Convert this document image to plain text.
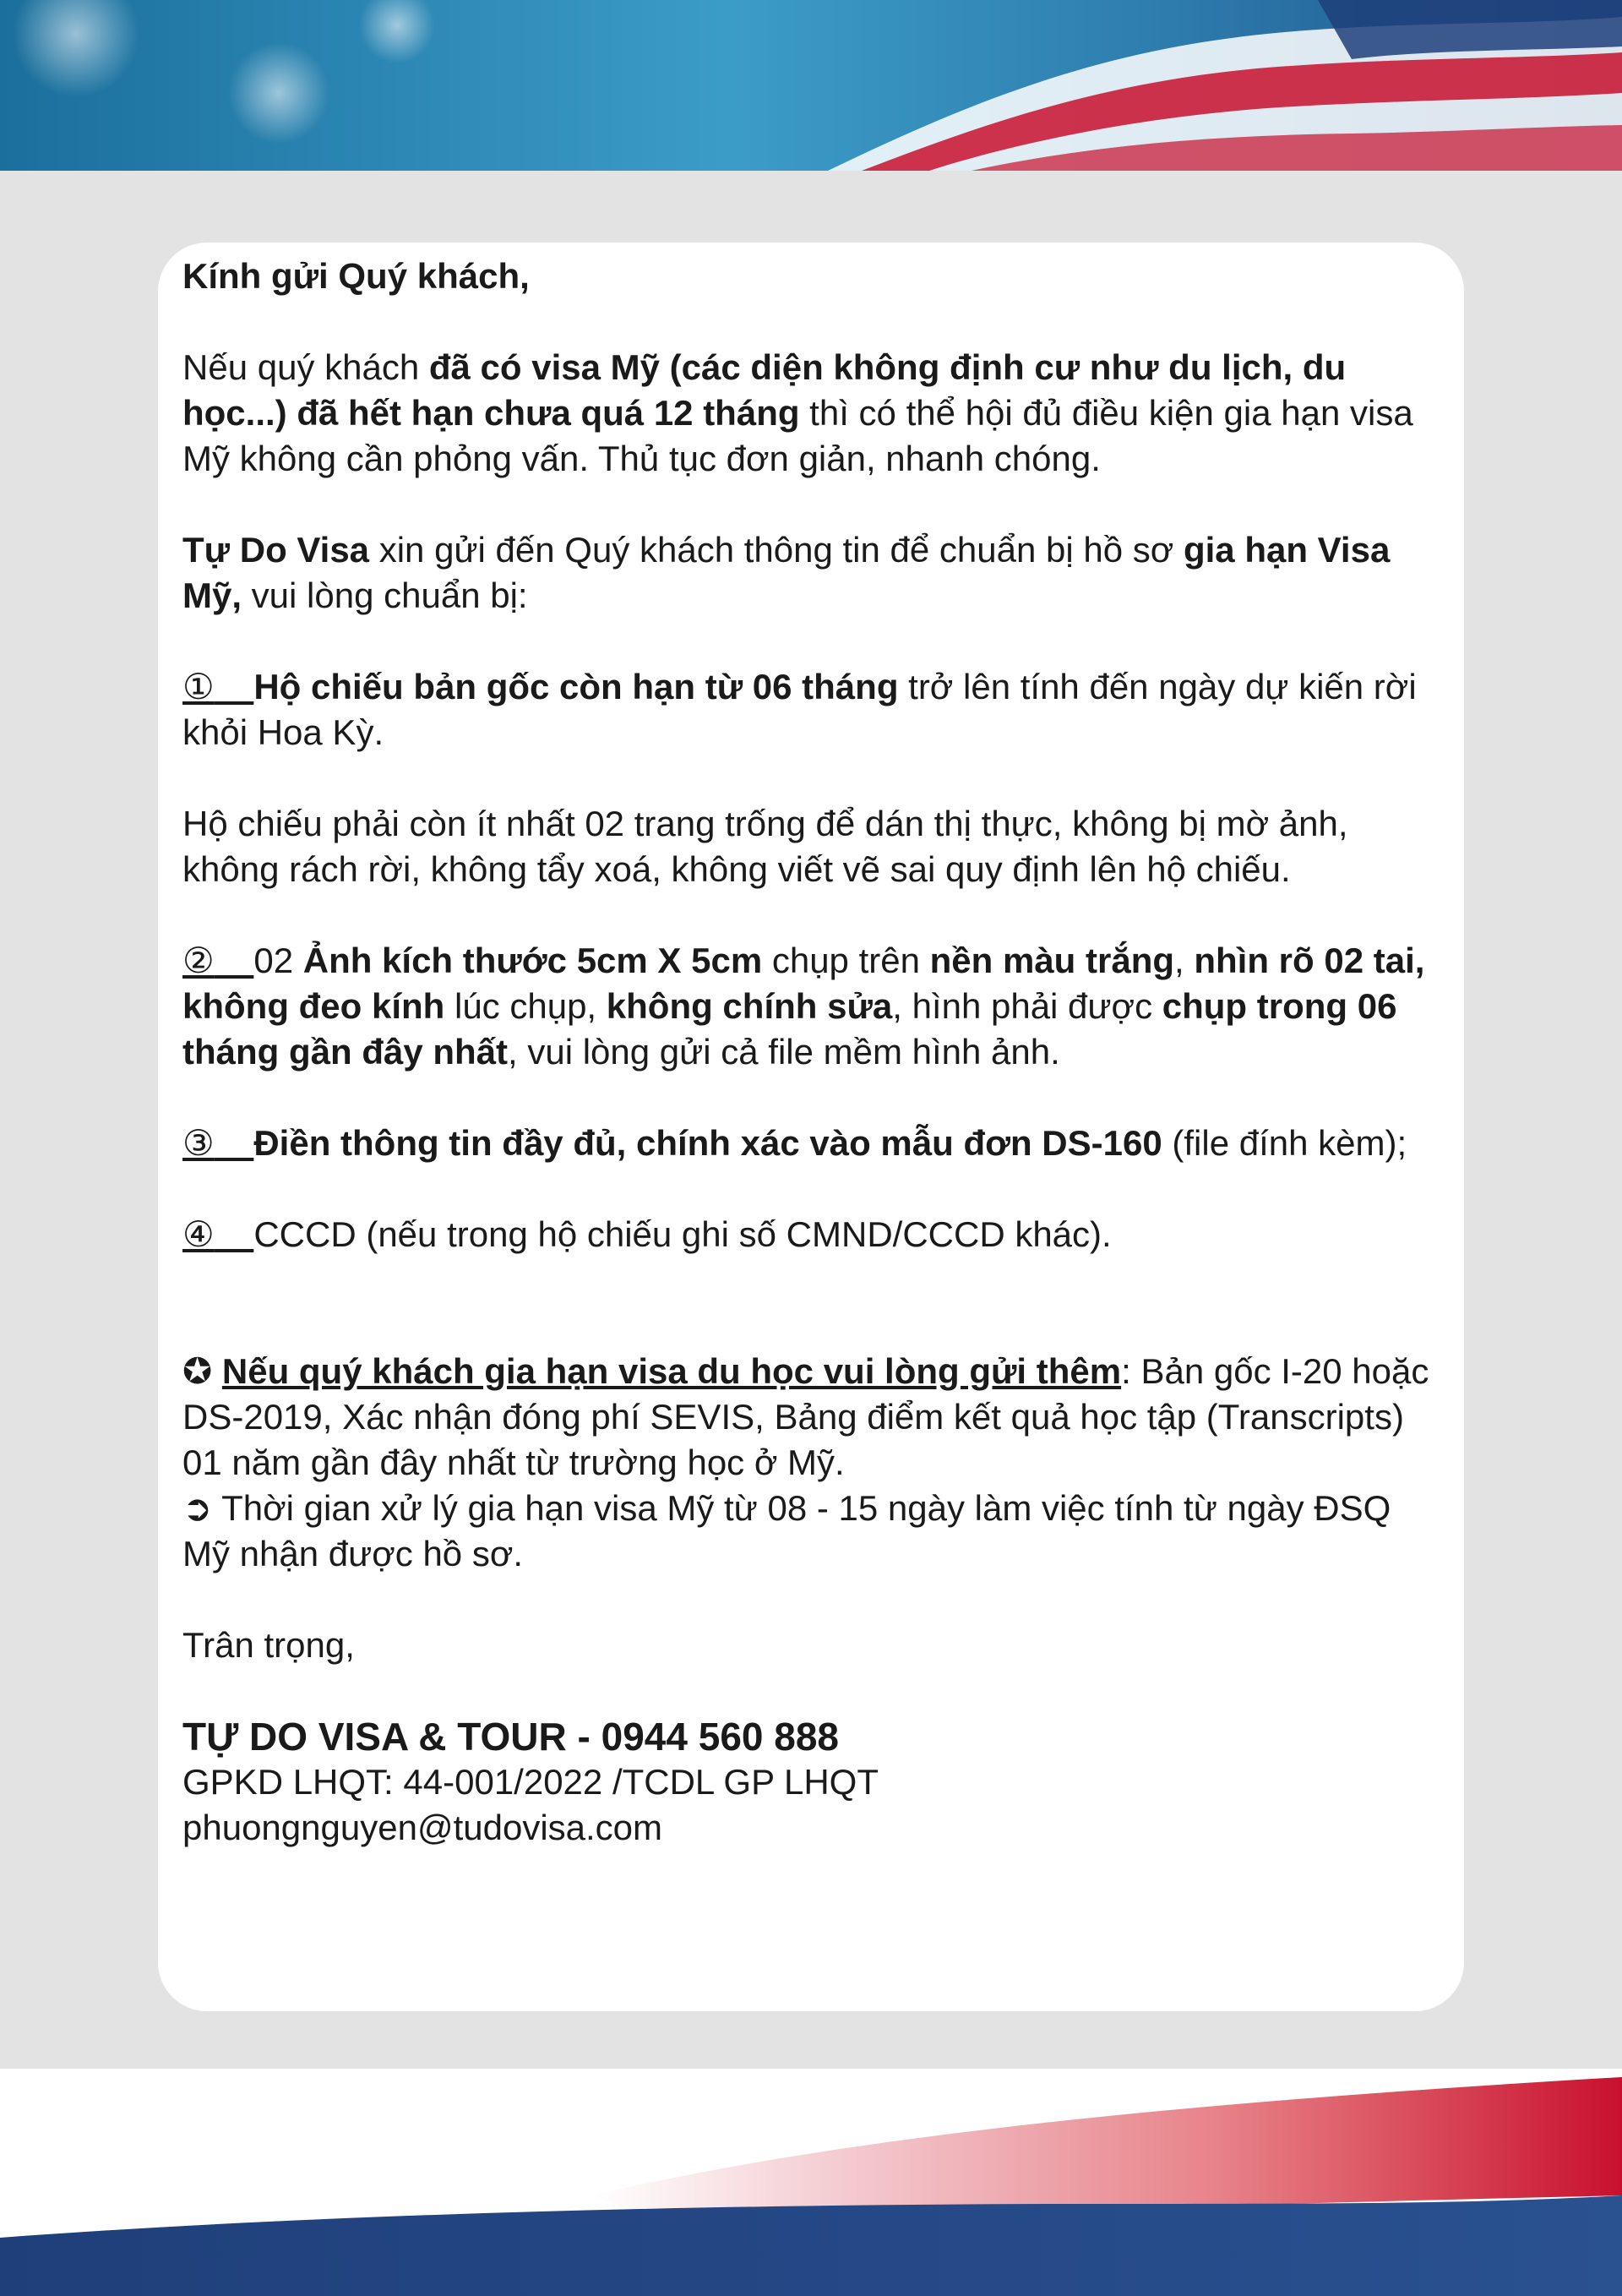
Kính gửi Quý khách,

Nếu quý khách đã có visa Mỹ (các diện không định cư như du lịch, du học...) đã hết hạn chưa quá 12 tháng thì có thể hội đủ điều kiện gia hạn visa Mỹ không cần phỏng vấn. Thủ tục đơn giản, nhanh chóng.

Tự Do Visa xin gửi đến Quý khách thông tin để chuẩn bị hồ sơ gia hạn Visa Mỹ, vui lòng chuẩn bị:

① Hộ chiếu bản gốc còn hạn từ 06 tháng trở lên tính đến ngày dự kiến rời khỏi Hoa Kỳ.

Hộ chiếu phải còn ít nhất 02 trang trống để dán thị thực, không bị mờ ảnh, không rách rời, không tẩy xoá, không viết vẽ sai quy định lên hộ chiếu.

② 02 Ảnh kích thước 5cm X 5cm chụp trên nền màu trắng, nhìn rõ 02 tai, không đeo kính lúc chụp, không chính sửa, hình phải được chụp trong 06 tháng gần đây nhất, vui lòng gửi cả file mềm hình ảnh.

③ Điền thông tin đầy đủ, chính xác vào mẫu đơn DS-160 (file đính kèm);

④ CCCD (nếu trong hộ chiếu ghi số CMND/CCCD khác).

✪ Nếu quý khách gia hạn visa du học vui lòng gửi thêm: Bản gốc I-20 hoặc DS-2019, Xác nhận đóng phí SEVIS, Bảng điểm kết quả học tập (Transcripts) 01 năm gần đây nhất từ trường học ở Mỹ.

➲ Thời gian xử lý gia hạn visa Mỹ từ 08 - 15 ngày làm việc tính từ ngày ĐSQ Mỹ nhận được hồ sơ.

Trân trọng,

TỰ DO VISA & TOUR - 0944 560 888
GPKD LHQT: 44-001/2022 /TCDL GP LHQT
phuongnguyen@tudovisa.com
